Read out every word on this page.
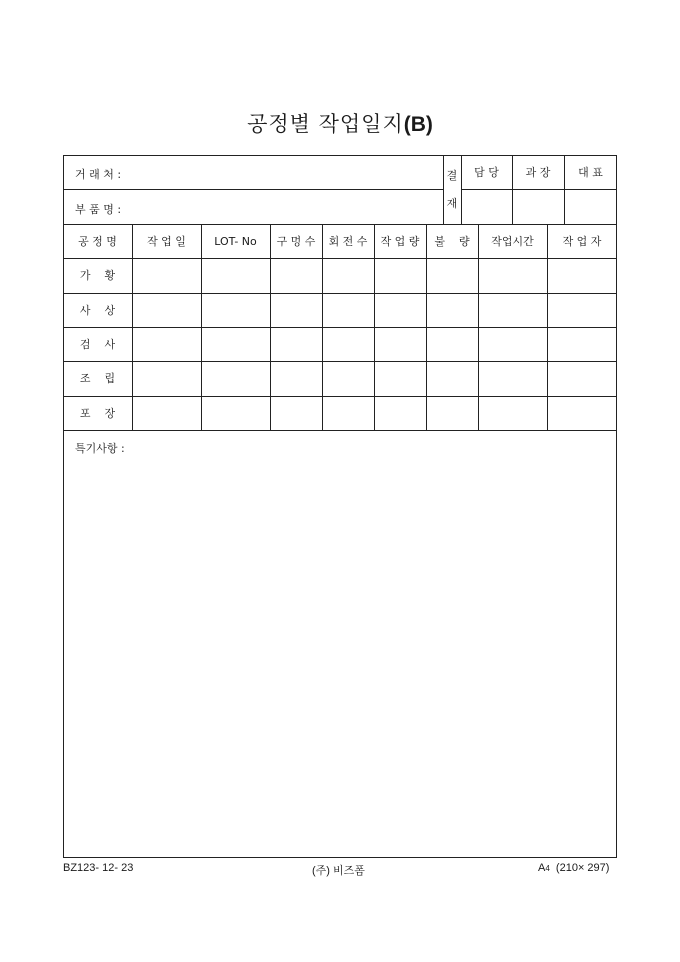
공정별 작업일지(B)
거 래 처 :
부 품 명 :
결
재
담 당	과 장	대 표
공 정 명	작 업 일	LOT- No	구 멍 수	회 전 수	작 업 량	불    량	작업시간	작 업 자
가    황
사    상
검    사
조    립
포    장
특기사항 :
BZ123- 12- 23	(주) 비즈폼	A4 (210× 297)
